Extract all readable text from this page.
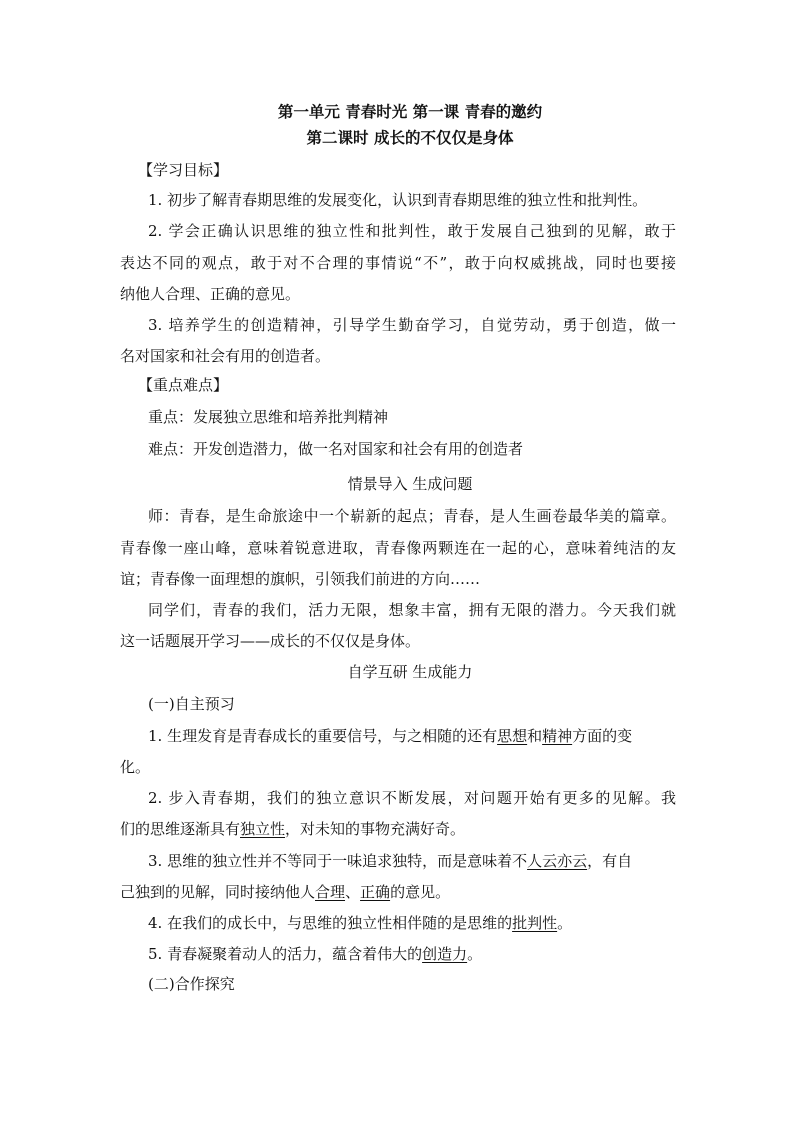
第一单元 青春时光 第一课 青春的邀约
第二课时 成长的不仅仅是身体
【学习目标】
1. 初步了解青春期思维的发展变化，认识到青春期思维的独立性和批判性。
2. 学会正确认识思维的独立性和批判性，敢于发展自己独到的见解，敢于
表达不同的观点，敢于对不合理的事情说“不”，敢于向权威挑战，同时也要接
纳他人合理、正确的意见。
3. 培养学生的创造精神，引导学生勤奋学习，自觉劳动，勇于创造，做一
名对国家和社会有用的创造者。
【重点难点】
重点：发展独立思维和培养批判精神
难点：开发创造潜力，做一名对国家和社会有用的创造者
情景导入 生成问题
师：青春，是生命旅途中一个崭新的起点；青春，是人生画卷最华美的篇章。
青春像一座山峰，意味着锐意进取，青春像两颗连在一起的心，意味着纯洁的友
谊；青春像一面理想的旗帜，引领我们前进的方向……
同学们，青春的我们，活力无限，想象丰富，拥有无限的潜力。今天我们就
这一话题展开学习——成长的不仅仅是身体。
自学互研 生成能力
(一)自主预习
1. 生理发育是青春成长的重要信号，与之相随的还有思想和精神方面的变
化。
2. 步入青春期，我们的独立意识不断发展，对问题开始有更多的见解。我
们的思维逐渐具有独立性，对未知的事物充满好奇。
3. 思维的独立性并不等同于一味追求独特，而是意味着不人云亦云，有自
己独到的见解，同时接纳他人合理、正确的意见。
4. 在我们的成长中，与思维的独立性相伴随的是思维的批判性。
5. 青春凝聚着动人的活力，蕴含着伟大的创造力。
(二)合作探究
